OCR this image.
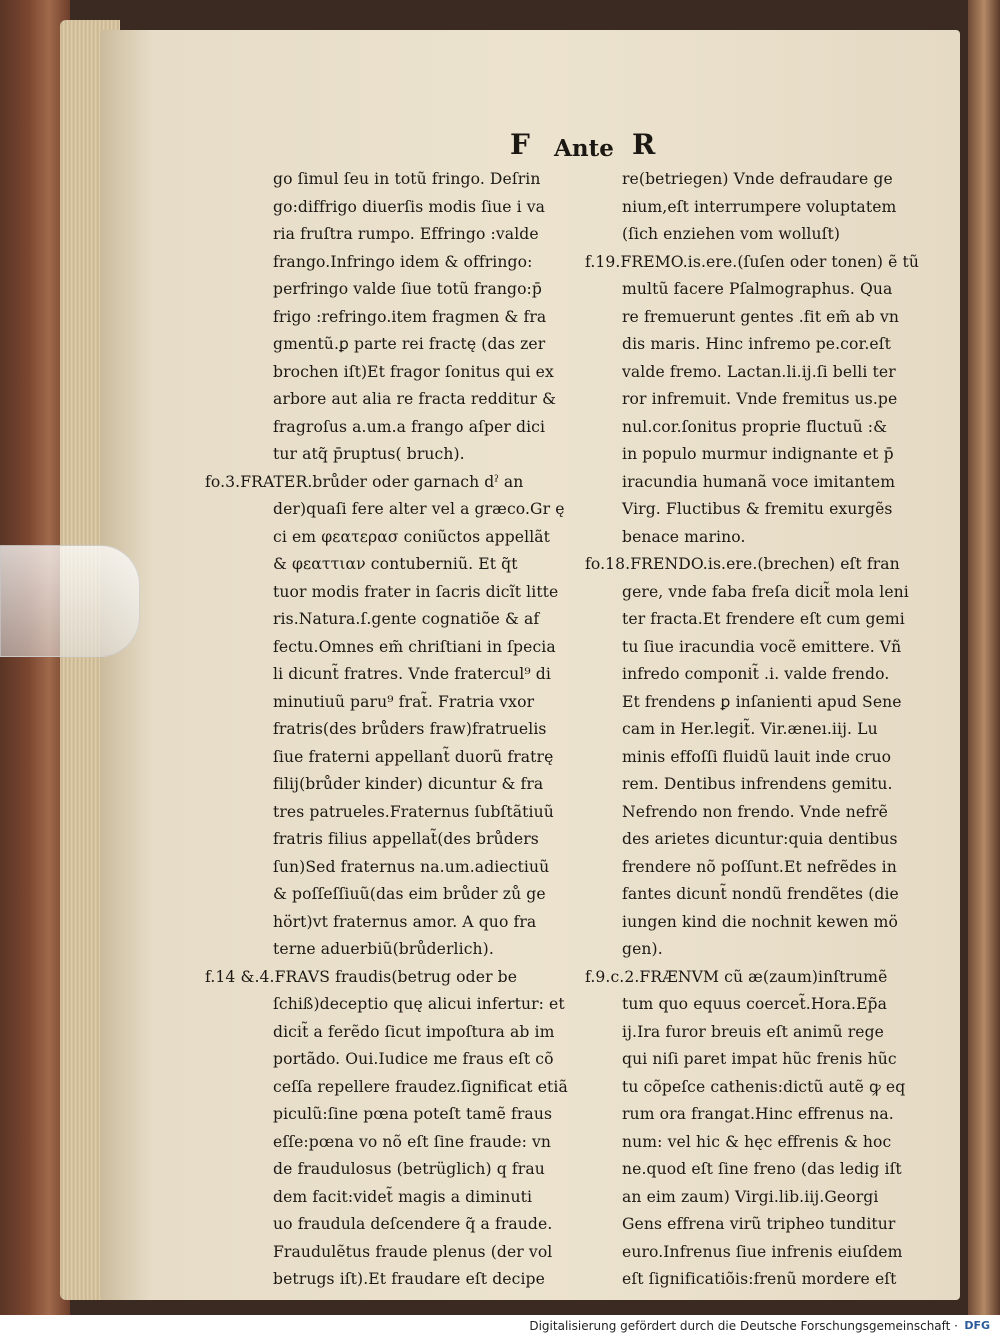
F Ante R
go ſimul ſeu in totũ fringo. Deſrin
go:diffrigo diuerſis modis ſiue i va
ria fruſtra rumpo. Effringo :valde
frango.Infringo idem & offringo:
perfringo valde ſiue totũ frango:p̄
frigo :refringo.item fragmen & fra
gmentũ.ꝑ parte rei fractę (das zer
brochen iſt)Et fragor ſonitus qui ex
arbore aut alia re fracta redditur &
fragroſus a.um.a frango aſper dici
tur atq̃ p̄ruptus( bruch).
fo.3.FRATER.brůder oder garnach dˀ an
der)quaſi fere alter vel a græco.Gr ę
ci em φεατερασ coniũctos appellãt
& φεαττιαν contuberniũ. Et q̃t
tuor modis frater in ſacris dicĩt litte
ris.Natura.ſ.gente cognatiõe & af
fectu.Omnes em̃ chriſtiani in ſpecia
li dicunt̃ fratres. Vnde fratercul⁹ di
minutiuũ paru⁹ frat̃. Fratria vxor
fratris(des brůders fraw)fratruelis
ſiue fraterni appellant̃ duorũ fratrę
filij(brůder kinder) dicuntur & fra
tres patrueles.Fraternus ſubſtãtiuũ
fratris filius appellat̃(des brůders
ſun)Sed fraternus na.um.adiectiuũ
& poſſeſſiuũ(das eim brůder zů ge
hört)vt fraternus amor. A quo fra
terne aduerbiũ(brůderlich).
f.14 &.4.FRAVS fraudis(betrug oder be
ſchiß)deceptio quę alicui infertur: et
dicit̃ a ferẽdo ſicut impoſtura ab im
portãdo. Oui.Iudice me fraus eſt cõ
ceſſa repellere fraudez.ſignificat etiã
piculũ:ſine pœna poteſt tamẽ fraus
eſſe:pœna vo nõ eſt ſine fraude: vn
de fraudulosus (betrüglich) q frau
dem facit:videt̃ magis a diminuti
uo fraudula deſcendere q̃ a fraude.
Fraudulẽtus fraude plenus (der vol
betrugs iſt).Et fraudare eſt decipe
re(betriegen) Vnde defraudare ge
nium,eſt interrumpere voluptatem
(ſich enziehen vom wolluſt)
f.19.FREMO.is.ere.(ſuſen oder tonen) ẽ tũ
multũ facere Pſalmographus. Qua
re fremuerunt gentes .fit em̃ ab vn
dis maris. Hinc infremo pe.cor.eſt
valde fremo. Lactan.li.ij.ſi belli ter
ror infremuit. Vnde fremitus us.pe
nul.cor.ſonitus proprie fluctuũ :&
in populo murmur indignante et p̄
iracundia humanã voce imitantem
Virg. Fluctibus & fremitu exurgẽs
benace marino.
fo.18.FRENDO.is.ere.(brechen) eſt fran
gere, vnde faba freſa dicit̃ mola leni
ter fracta.Et frendere eſt cum gemi
tu ſiue iracundia vocẽ emittere. Vñ
infredo componit̃ .i. valde frendo.
Et frendens ꝑ inſanienti apud Sene
cam in Her.legit̃. Vir.æneı.iij. Lu
minis effoſſi fluidũ lauit inde cruo
rem. Dentibus infrendens gemitu.
Nefrendo non frendo. Vnde nefrẽ
des arietes dicuntur:quia dentibus
frendere nõ poſſunt.Et nefrẽdes in
fantes dicunt̃ nondũ frendẽtes (die
iungen kind die nochnit kewen mö
gen).
f.9.c.2.FRÆNVM cũ æ(zaum)inſtrumẽ
tum quo equus coercet̃.Hora.Ep̃a
ij.Ira furor breuis eſt animũ rege
qui niſi paret impat hũc frenis hũc
tu cõpeſce cathenis:dictũ autẽ ꝙ eq
rum ora frangat.Hinc effrenus na.
num: vel hic & hęc effrenis & hoc
ne.quod eſt ſine freno (das ledig iſt
an eim zaum) Virgi.lib.iij.Georgi
Gens effrena virũ tripheo tunditur
euro.Infrenus ſiue infrenis eiuſdem
eſt ſignificatiõis:frenũ mordere eſt
Digitalisierung gefördert durch die Deutsche Forschungsgemeinschaft · DFG
